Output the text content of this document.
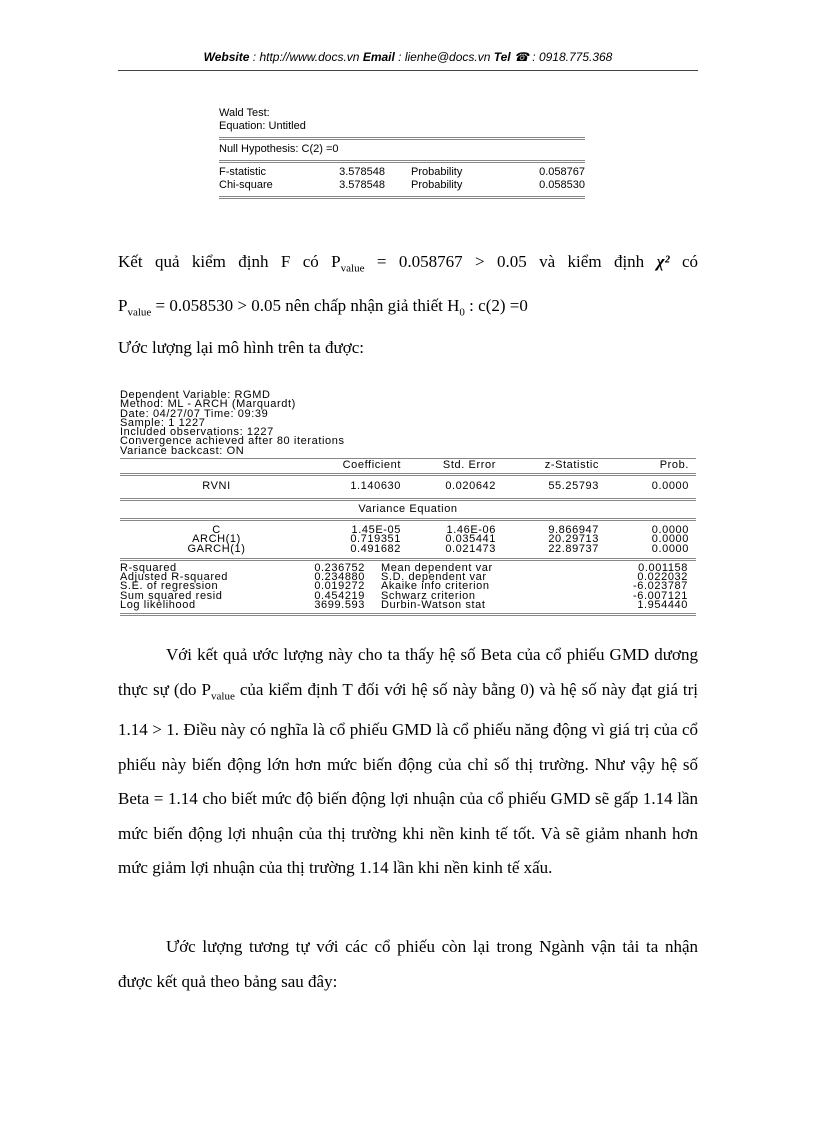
Website : http://www.docs.vn Email : lienhe@docs.vn Tel ☎ : 0918.775.368
Wald Test:
Equation: Untitled
Null Hypothesis: C(2) =0
F-statistic	3.578548	Probability	0.058767
Chi-square	3.578548	Probability	0.058530
Kết quả kiểm định F có $P_{value} = 0.058767 > 0.05$ và kiểm định χ² có
$P_{value} = 0.058530 > 0.05$ nên chấp nhận giả thiết $H_0$ : c(2) =0
Ước lượng lại mô hình trên ta được:
Dependent Variable: RGMD
Method: ML - ARCH (Marquardt)
Date: 04/27/07 Time: 09:39
Sample: 1 1227
Included observations: 1227
Convergence achieved after 80 iterations
Variance backcast: ON
Coefficient	Std. Error	z-Statistic	Prob.
RVNI	1.140630	0.020642	55.25793	0.0000
Variance Equation
C	1.45E-05	1.46E-06	9.866947	0.0000
ARCH(1)	0.719351	0.035441	20.29713	0.0000
GARCH(1)	0.491682	0.021473	22.89737	0.0000
R-squared	0.236752	Mean dependent var	0.001158
Adjusted R-squared	0.234880	S.D. dependent var	0.022032
S.E. of regression	0.019272	Akaike info criterion	-6.023787
Sum squared resid	0.454219	Schwarz criterion	-6.007121
Log likelihood	3699.593	Durbin-Watson stat	1.954440
Với kết quả ước lượng này cho ta thấy hệ số Beta của cổ phiếu GMD dương thực sự (do $P_{value}$ của kiểm định T đối với hệ số này bằng 0) và hệ số này đạt giá trị 1.14 > 1. Điều này có nghĩa là cổ phiếu GMD là cổ phiếu năng động vì giá trị của cổ phiếu này biến động lớn hơn mức biến động của chỉ số thị trường. Như vậy hệ số Beta = 1.14 cho biết mức độ biến động lợi nhuận của cổ phiếu GMD sẽ gấp 1.14 lần mức biến động lợi nhuận của thị trường khi nền kinh tế tốt. Và sẽ giảm nhanh hơn mức giảm lợi nhuận của thị trường 1.14 lần khi nền kinh tế xấu.
Ước lượng tương tự với các cổ phiếu còn lại trong Ngành vận tải ta nhận được kết quả theo bảng sau đây:
